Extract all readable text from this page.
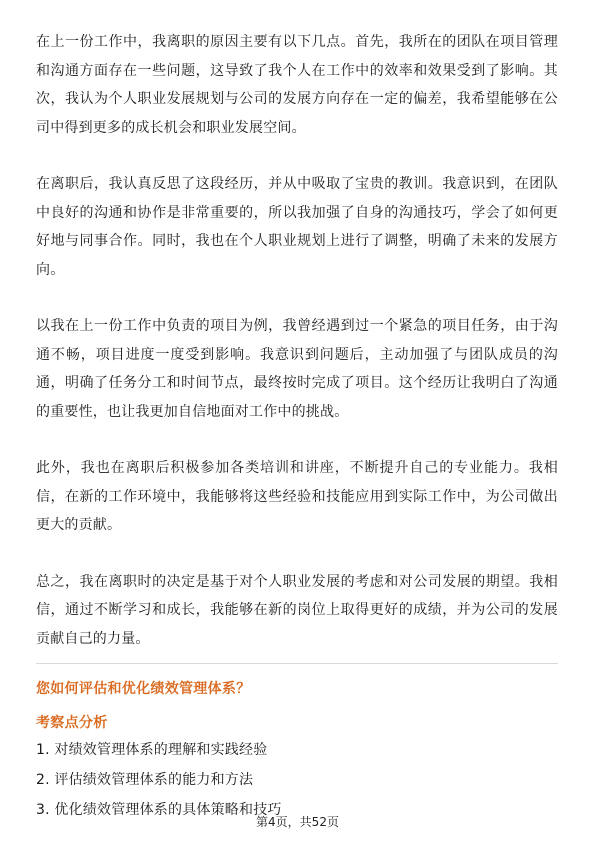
在上一份工作中，我离职的原因主要有以下几点。首先，我所在的团队在项目管理和沟通方面存在一些问题，这导致了我个人在工作中的效率和效果受到了影响。其次，我认为个人职业发展规划与公司的发展方向存在一定的偏差，我希望能够在公司中得到更多的成长机会和职业发展空间。

在离职后，我认真反思了这段经历，并从中吸取了宝贵的教训。我意识到，在团队中良好的沟通和协作是非常重要的，所以我加强了自身的沟通技巧，学会了如何更好地与同事合作。同时，我也在个人职业规划上进行了调整，明确了未来的发展方向。

以我在上一份工作中负责的项目为例，我曾经遇到过一个紧急的项目任务，由于沟通不畅，项目进度一度受到影响。我意识到问题后，主动加强了与团队成员的沟通，明确了任务分工和时间节点，最终按时完成了项目。这个经历让我明白了沟通的重要性，也让我更加自信地面对工作中的挑战。

此外，我也在离职后积极参加各类培训和讲座，不断提升自己的专业能力。我相信，在新的工作环境中，我能够将这些经验和技能应用到实际工作中，为公司做出更大的贡献。

总之，我在离职时的决定是基于对个人职业发展的考虑和对公司发展的期望。我相信，通过不断学习和成长，我能够在新的岗位上取得更好的成绩，并为公司的发展贡献自己的力量。

您如何评估和优化绩效管理体系？
考察点分析
1. 对绩效管理体系的理解和实践经验
2. 评估绩效管理体系的能力和方法
3. 优化绩效管理体系的具体策略和技巧
第4页，共52页
